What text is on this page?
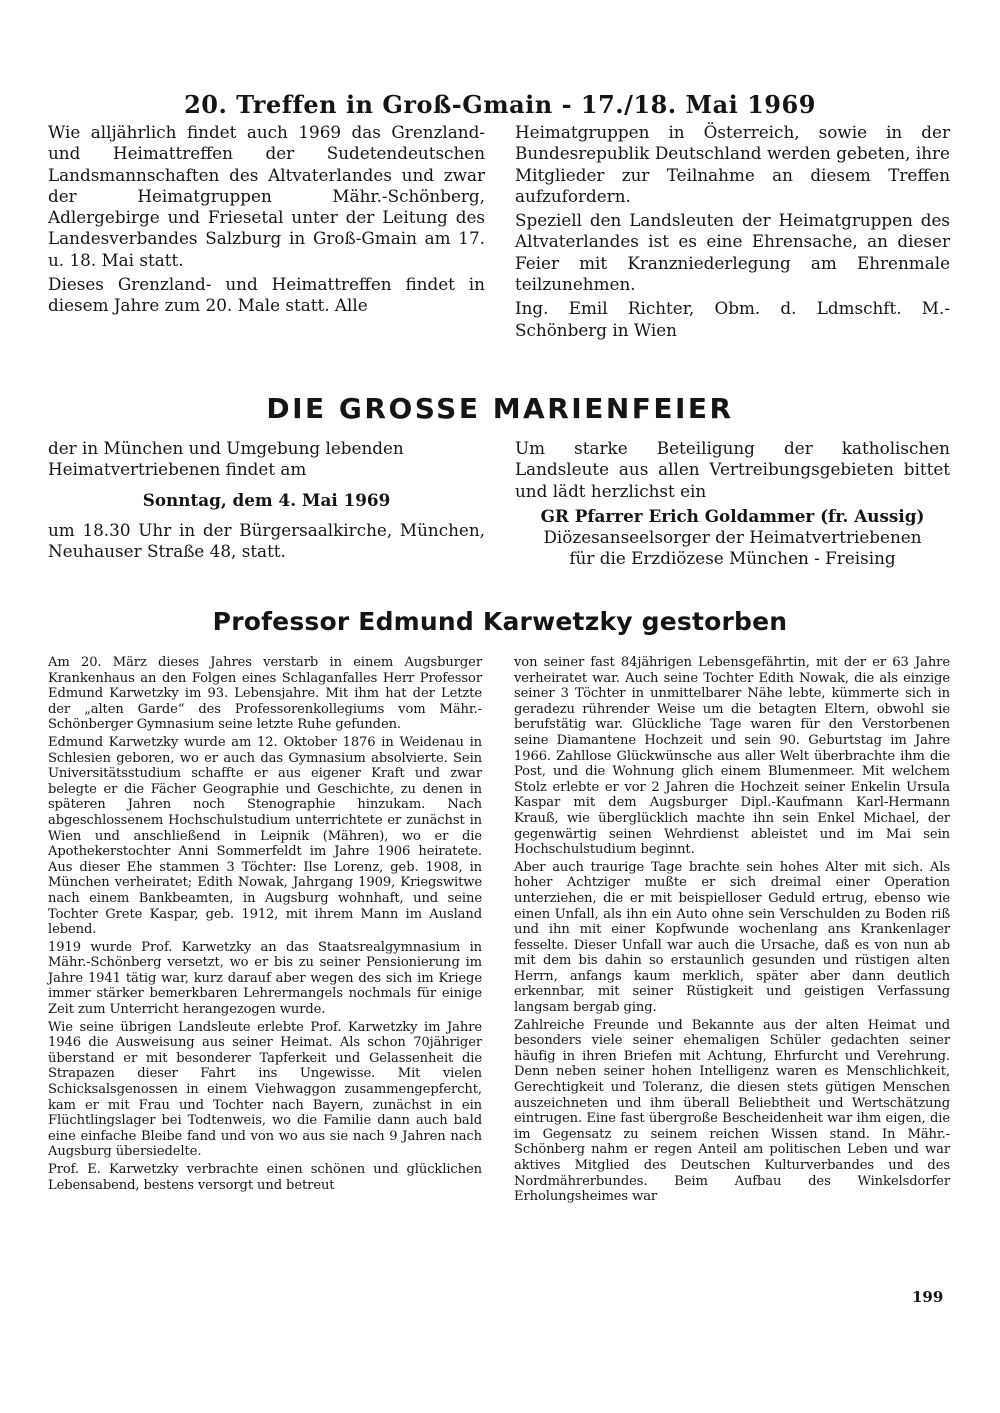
20. Treffen in Groß-Gmain - 17./18. Mai 1969

Wie alljährlich findet auch 1969 das Grenzland- und Heimattreffen der Sudetendeutschen Landsmannschaften des Altvaterlandes und zwar der Heimatgruppen Mähr.-Schönberg, Adlergebirge und Friesetal unter der Leitung des Landesverbandes Salzburg in Groß-Gmain am 17. u. 18. Mai statt.

Dieses Grenzland- und Heimattreffen findet in diesem Jahre zum 20. Male statt. Alle

Heimatgruppen in Österreich, sowie in der Bundesrepublik Deutschland werden gebeten, ihre Mitglieder zur Teilnahme an diesem Treffen aufzufordern.

Speziell den Landsleuten der Heimatgruppen des Altvaterlandes ist es eine Ehrensache, an dieser Feier mit Kranzniederlegung am Ehrenmale teilzunehmen.

Ing. Emil Richter, Obm. d. Ldmschft. M.-Schönberg in Wien

DIE GROSSE MARIENFEIER

der in München und Umgebung lebenden Heimatvertriebenen findet am

Sonntag, dem 4. Mai 1969

um 18.30 Uhr in der Bürgersaalkirche, München, Neuhauser Straße 48, statt.

Um starke Beteiligung der katholischen Landsleute aus allen Vertreibungsgebieten bittet und lädt herzlichst ein

GR Pfarrer Erich Goldammer (fr. Aussig)

Diözesanseelsorger der Heimatvertriebenen

für die Erzdiözese München - Freising

Professor Edmund Karwetzky gestorben

Am 20. März dieses Jahres verstarb in einem Augsburger Krankenhaus an den Folgen eines Schlaganfalles Herr Professor Edmund Karwetzky im 93. Lebensjahre. Mit ihm hat der Letzte der „alten Garde“ des Professorenkollegiums vom Mähr.-Schönberger Gymnasium seine letzte Ruhe gefunden.

Edmund Karwetzky wurde am 12. Oktober 1876 in Weidenau in Schlesien geboren, wo er auch das Gymnasium absolvierte. Sein Universitätsstudium schaffte er aus eigener Kraft und zwar belegte er die Fächer Geographie und Geschichte, zu denen in späteren Jahren noch Stenographie hinzukam. Nach abgeschlossenem Hochschulstudium unterrichtete er zunächst in Wien und anschließend in Leipnik (Mähren), wo er die Apothekerstochter Anni Sommerfeldt im Jahre 1906 heiratete. Aus dieser Ehe stammen 3 Töchter: Ilse Lorenz, geb. 1908, in München verheiratet; Edith Nowak, Jahrgang 1909, Kriegswitwe nach einem Bankbeamten, in Augsburg wohnhaft, und seine Tochter Grete Kaspar, geb. 1912, mit ihrem Mann im Ausland lebend.

1919 wurde Prof. Karwetzky an das Staatsrealgymnasium in Mähr.-Schönberg versetzt, wo er bis zu seiner Pensionierung im Jahre 1941 tätig war, kurz darauf aber wegen des sich im Kriege immer stärker bemerkbaren Lehrermangels nochmals für einige Zeit zum Unterricht herangezogen wurde.

Wie seine übrigen Landsleute erlebte Prof. Karwetzky im Jahre 1946 die Ausweisung aus seiner Heimat. Als schon 70jähriger überstand er mit besonderer Tapferkeit und Gelassenheit die Strapazen dieser Fahrt ins Ungewisse. Mit vielen Schicksalsgenossen in einem Viehwaggon zusammengepfercht, kam er mit Frau und Tochter nach Bayern, zunächst in ein Flüchtlingslager bei Todtenweis, wo die Familie dann auch bald eine einfache Bleibe fand und von wo aus sie nach 9 Jahren nach Augsburg übersiedelte.

Prof. E. Karwetzky verbrachte einen schönen und glücklichen Lebensabend, bestens versorgt und betreut

von seiner fast 84jährigen Lebensgefährtin, mit der er 63 Jahre verheiratet war. Auch seine Tochter Edith Nowak, die als einzige seiner 3 Töchter in unmittelbarer Nähe lebte, kümmerte sich in geradezu rührender Weise um die betagten Eltern, obwohl sie berufstätig war. Glückliche Tage waren für den Verstorbenen seine Diamantene Hochzeit und sein 90. Geburtstag im Jahre 1966. Zahllose Glückwünsche aus aller Welt überbrachte ihm die Post, und die Wohnung glich einem Blumenmeer. Mit welchem Stolz erlebte er vor 2 Jahren die Hochzeit seiner Enkelin Ursula Kaspar mit dem Augsburger Dipl.-Kaufmann Karl-Hermann Krauß, wie überglücklich machte ihn sein Enkel Michael, der gegenwärtig seinen Wehrdienst ableistet und im Mai sein Hochschulstudium beginnt.

Aber auch traurige Tage brachte sein hohes Alter mit sich. Als hoher Achtziger mußte er sich dreimal einer Operation unterziehen, die er mit beispielloser Geduld ertrug, ebenso wie einen Unfall, als ihn ein Auto ohne sein Verschulden zu Boden riß und ihn mit einer Kopfwunde wochenlang ans Krankenlager fesselte. Dieser Unfall war auch die Ursache, daß es von nun ab mit dem bis dahin so erstaunlich gesunden und rüstigen alten Herrn, anfangs kaum merklich, später aber dann deutlich erkennbar, mit seiner Rüstigkeit und geistigen Verfassung langsam bergab ging.

Zahlreiche Freunde und Bekannte aus der alten Heimat und besonders viele seiner ehemaligen Schüler gedachten seiner häufig in ihren Briefen mit Achtung, Ehrfurcht und Verehrung. Denn neben seiner hohen Intelligenz waren es Menschlichkeit, Gerechtigkeit und Toleranz, die diesen stets gütigen Menschen auszeichneten und ihm überall Beliebtheit und Wertschätzung eintrugen. Eine fast übergroße Bescheidenheit war ihm eigen, die im Gegensatz zu seinem reichen Wissen stand. In Mähr.-Schönberg nahm er regen Anteil am politischen Leben und war aktives Mitglied des Deutschen Kulturverbandes und des Nordmährerbundes. Beim Aufbau des Winkelsdorfer Erholungsheimes war

199
